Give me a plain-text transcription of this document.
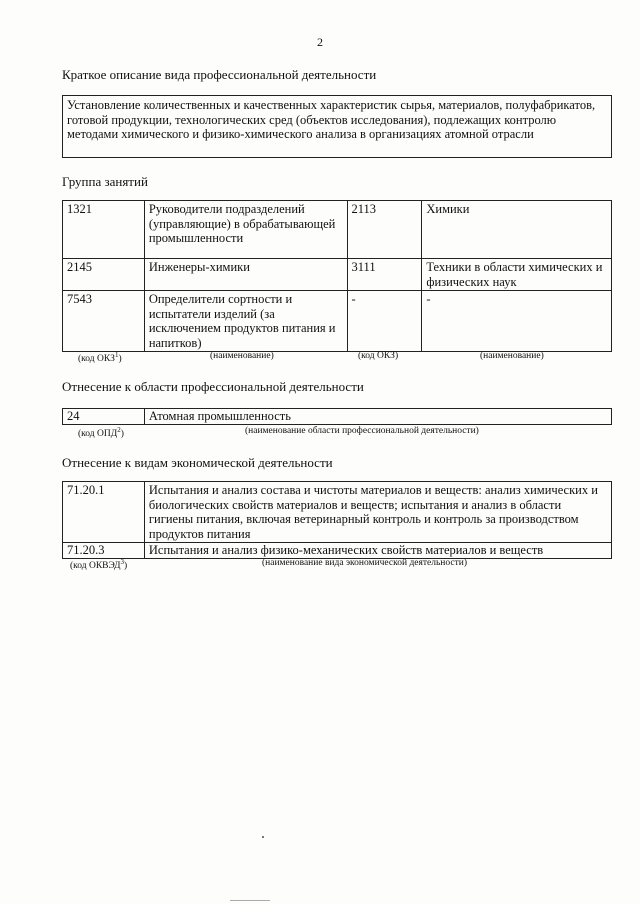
2
Краткое описание вида профессиональной деятельности
Установление количественных и качественных характеристик сырья, материалов, полуфабрикатов, готовой продукции, технологических сред (объектов исследования), подлежащих контролю методами химического и физико-химического анализа в организациях атомной отрасли
Группа занятий
1321	Руководители подразделений (управляющие) в обрабатывающей промышленности	2113	Химики
2145	Инженеры-химики	3111	Техники в области химических и физических наук
7543	Определители сортности и испытатели изделий (за исключением продуктов питания и напитков)	-	-
(код ОКЗ$^1$)	(наименование)	(код ОКЗ)	(наименование)
Отнесение к области профессиональной деятельности
24	Атомная промышленность
(код ОПД$^2$)	(наименование области профессиональной деятельности)
Отнесение к видам экономической деятельности
71.20.1	Испытания и анализ состава и чистоты материалов и веществ: анализ химических и биологических свойств материалов и веществ; испытания и анализ в области гигиены питания, включая ветеринарный контроль и контроль за производством продуктов питания
71.20.3	Испытания и анализ физико-механических свойств материалов и веществ
(код ОКВЭД$^3$)	(наименование вида экономической деятельности)
